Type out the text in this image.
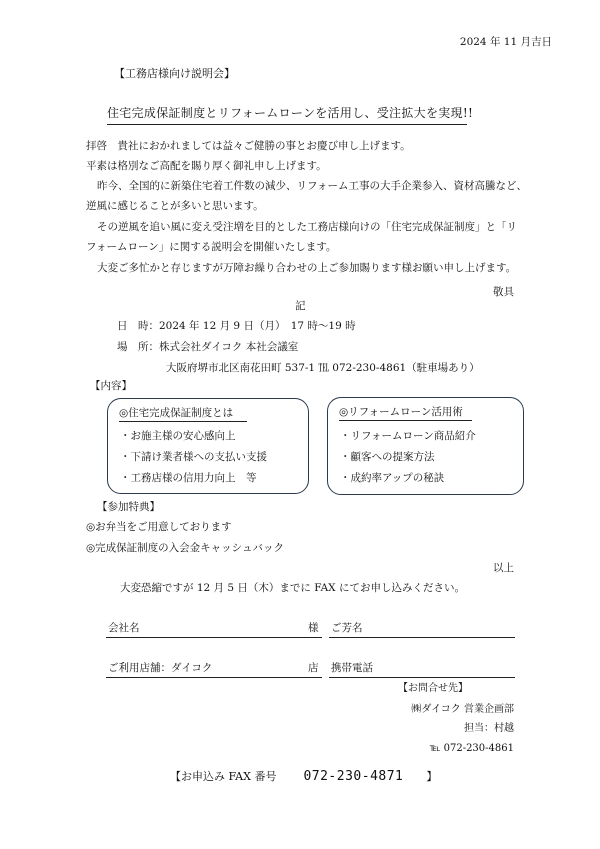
2024 年 11 月吉日
【工務店様向け説明会】
住宅完成保証制度とリフォームローンを活用し、受注拡大を実現!!
拝啓　貴社におかれましては益々ご健勝の事とお慶び申し上げます。
平素は格別なご高配を賜り厚く御礼申し上げます。
昨今、全国的に新築住宅着工件数の減少、リフォーム工事の大手企業参入、資材高騰など、
逆風に感じることが多いと思います。
その逆風を追い風に変え受注増を目的とした工務店様向けの「住宅完成保証制度」と「リ
フォームローン」に関する説明会を開催いたします。
大変ご多忙かと存じますが万障お繰り合わせの上ご参加賜ります様お願い申し上げます。
敬具
記
日　時：2024 年 12 月 9 日（月）　17 時～19 時
場　所：株式会社ダイコク 本社会議室
大阪府堺市北区南花田町 537-1 ℡ 072-230-4861（駐車場あり）
【内容】
◎住宅完成保証制度とは
・お施主様の安心感向上
・下請け業者様への支払い支援
・工務店様の信用力向上　等
◎リフォームローン活用術
・リフォームローン商品紹介
・顧客への提案方法
・成約率アップの秘訣
【参加特典】
◎お弁当をご用意しております
◎完成保証制度の入会金キャッシュバック
以上
大変恐縮ですが 12 月 5 日（木）までに FAX にてお申し込みください。
会社名	様 ご芳名
ご利用店舗：ダイコク	店 携帯電話
【お問合せ先】
㈱ダイコク 営業企画部
担当：村越
℡ 072-230-4861
【お申込み FAX 番号 072-230-4871 】
